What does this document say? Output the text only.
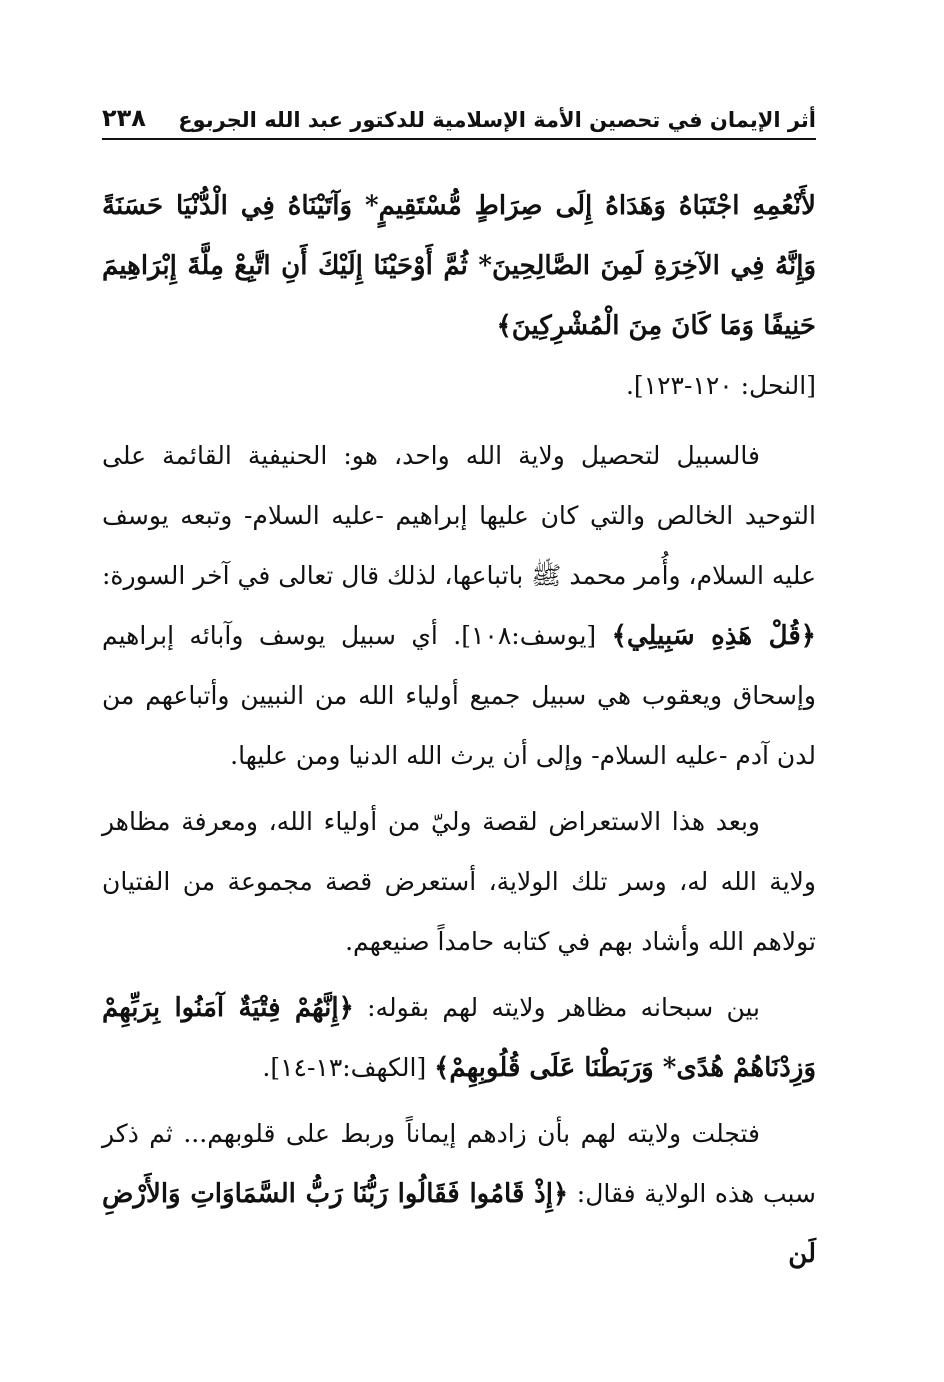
أثر الإيمان في تحصين الأمة الإسلامية للدكتور عبد الله الجربوع
٢٣٨

لأَنْعُمِهِ اجْتَبَاهُ وَهَدَاهُ إِلَى صِرَاطٍ مُّسْتَقِيمٍ* وَآتَيْنَاهُ فِي الْدُّنْيَا حَسَنَةً وَإِنَّهُ فِي الآخِرَةِ لَمِنَ الصَّالِحِينَ* ثُمَّ أَوْحَيْنَا إِلَيْكَ أَنِ اتَّبِعْ مِلَّةَ إِبْرَاهِيمَ حَنِيفًا وَمَا كَانَ مِنَ الْمُشْرِكِينَ﴾
[النحل: ١٢٠-١٢٣].

فالسبيل لتحصيل ولاية الله واحد، هو: الحنيفية القائمة على التوحيد الخالص والتي كان عليها إبراهيم -عليه السلام- وتبعه يوسف عليه السلام، وأُمر محمد ﷺ باتباعها، لذلك قال تعالى في آخر السورة: ﴿قُلْ هَذِهِ سَبِيلِي﴾ [يوسف:١٠٨]. أي سبيل يوسف وآبائه إبراهيم وإسحاق ويعقوب هي سبيل جميع أولياء الله من النبيين وأتباعهم من لدن آدم -عليه السلام- وإلى أن يرث الله الدنيا ومن عليها.

وبعد هذا الاستعراض لقصة وليّ من أولياء الله، ومعرفة مظاهر ولاية الله له، وسر تلك الولاية، أستعرض قصة مجموعة من الفتيان تولاهم الله وأشاد بهم في كتابه حامداً صنيعهم.

بين سبحانه مظاهر ولايته لهم بقوله: ﴿إِنَّهُمْ فِتْيَةٌ آمَنُوا بِرَبِّهِمْ وَزِدْنَاهُمْ هُدًى* وَرَبَطْنَا عَلَى قُلُوبِهِمْ﴾ [الكهف:١٣-١٤].

فتجلت ولايته لهم بأن زادهم إيماناً وربط على قلوبهم... ثم ذكر سبب هذه الولاية فقال: ﴿إِذْ قَامُوا فَقَالُوا رَبُّنَا رَبُّ السَّمَاوَاتِ وَالأَرْضِ لَن
